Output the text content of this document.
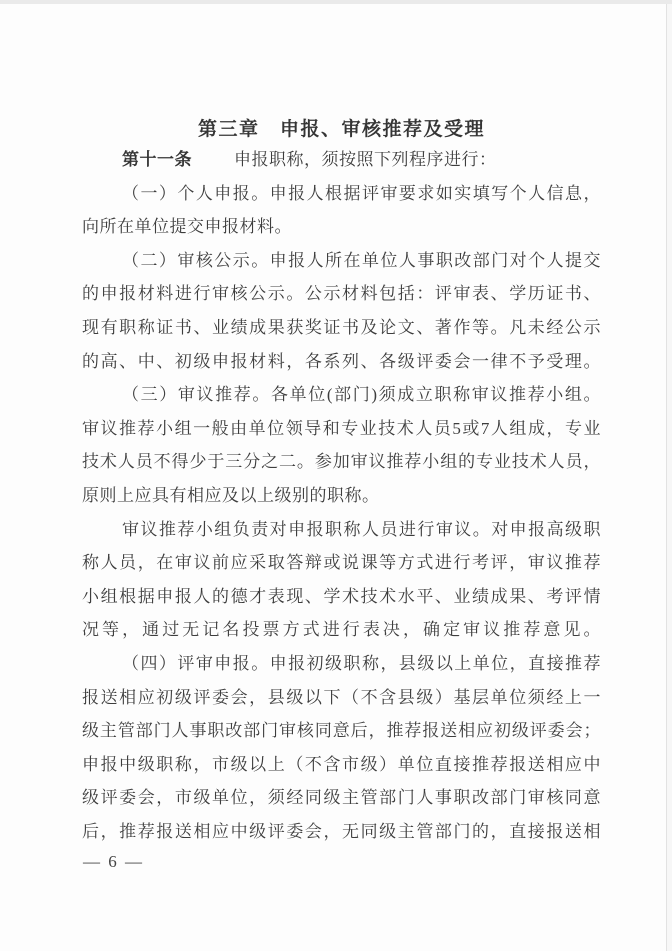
第三章　申报、审核推荐及受理
第十一条 申报职称，须按照下列程序进行：
（一）个人申报。申报人根据评审要求如实填写个人信息，
向所在单位提交申报材料。
（二）审核公示。申报人所在单位人事职改部门对个人提交
的申报材料进行审核公示。公示材料包括：评审表、学历证书、
现有职称证书、业绩成果获奖证书及论文、著作等。凡未经公示
的高、中、初级申报材料，各系列、各级评委会一律不予受理。
（三）审议推荐。各单位(部门)须成立职称审议推荐小组。
审议推荐小组一般由单位领导和专业技术人员5或7人组成，专业
技术人员不得少于三分之二。参加审议推荐小组的专业技术人员，
原则上应具有相应及以上级别的职称。
审议推荐小组负责对申报职称人员进行审议。对申报高级职
称人员，在审议前应采取答辩或说课等方式进行考评，审议推荐
小组根据申报人的德才表现、学术技术水平、业绩成果、考评情
况等，通过无记名投票方式进行表决，确定审议推荐意见。
（四）评审申报。申报初级职称，县级以上单位，直接推荐
报送相应初级评委会，县级以下（不含县级）基层单位须经上一
级主管部门人事职改部门审核同意后，推荐报送相应初级评委会；
申报中级职称，市级以上（不含市级）单位直接推荐报送相应中
级评委会，市级单位，须经同级主管部门人事职改部门审核同意
后，推荐报送相应中级评委会，无同级主管部门的，直接报送相
— 6 —
